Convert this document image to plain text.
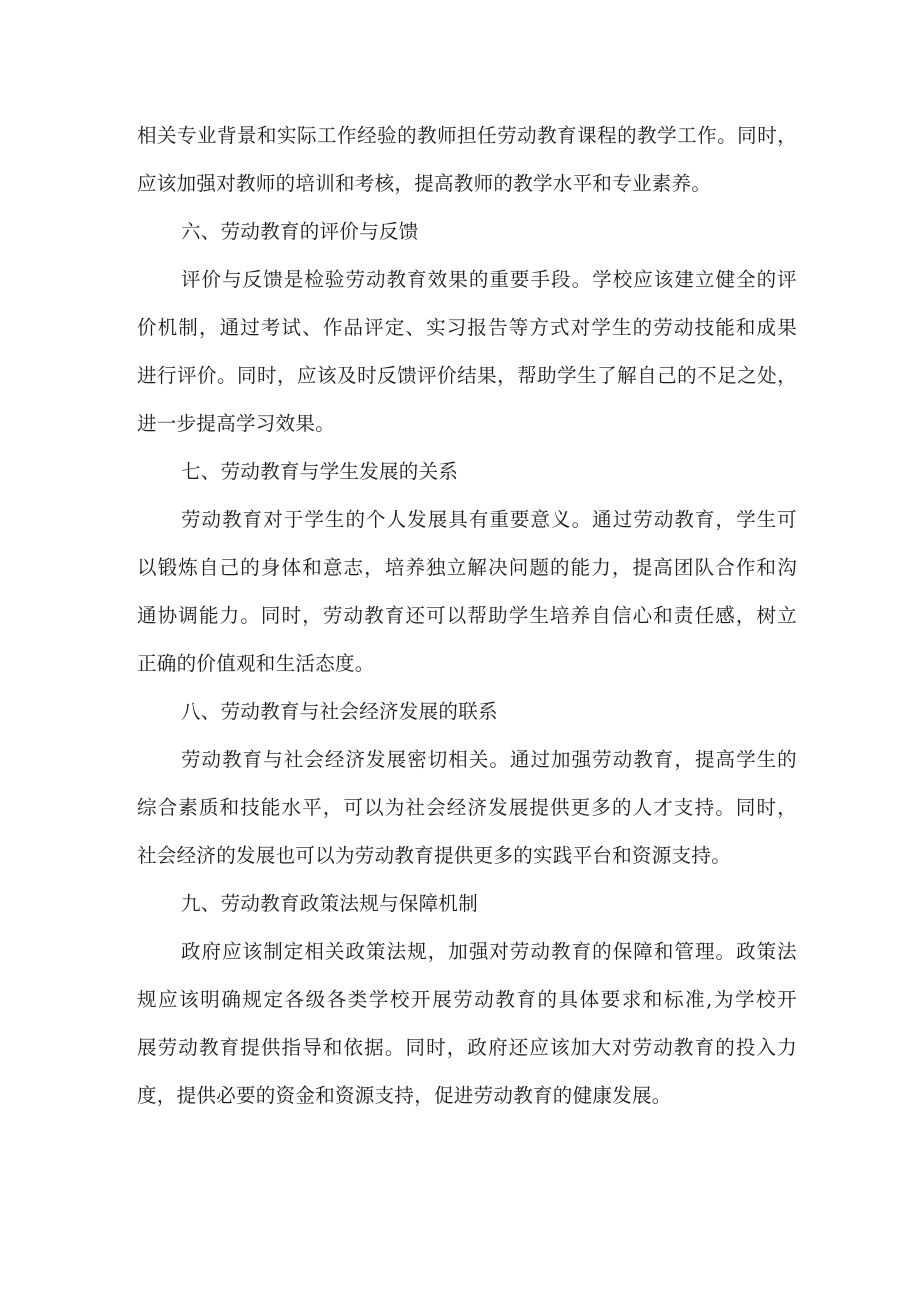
相关专业背景和实际工作经验的教师担任劳动教育课程的教学工作。同时，
应该加强对教师的培训和考核，提高教师的教学水平和专业素养。
六、劳动教育的评价与反馈
评价与反馈是检验劳动教育效果的重要手段。学校应该建立健全的评
价机制，通过考试、作品评定、实习报告等方式对学生的劳动技能和成果
进行评价。同时，应该及时反馈评价结果，帮助学生了解自己的不足之处，
进一步提高学习效果。
七、劳动教育与学生发展的关系
劳动教育对于学生的个人发展具有重要意义。通过劳动教育，学生可
以锻炼自己的身体和意志，培养独立解决问题的能力，提高团队合作和沟
通协调能力。同时，劳动教育还可以帮助学生培养自信心和责任感，树立
正确的价值观和生活态度。
八、劳动教育与社会经济发展的联系
劳动教育与社会经济发展密切相关。通过加强劳动教育，提高学生的
综合素质和技能水平，可以为社会经济发展提供更多的人才支持。同时，
社会经济的发展也可以为劳动教育提供更多的实践平台和资源支持。
九、劳动教育政策法规与保障机制
政府应该制定相关政策法规，加强对劳动教育的保障和管理。政策法
规应该明确规定各级各类学校开展劳动教育的具体要求和标准,为学校开
展劳动教育提供指导和依据。同时，政府还应该加大对劳动教育的投入力
度，提供必要的资金和资源支持，促进劳动教育的健康发展。
